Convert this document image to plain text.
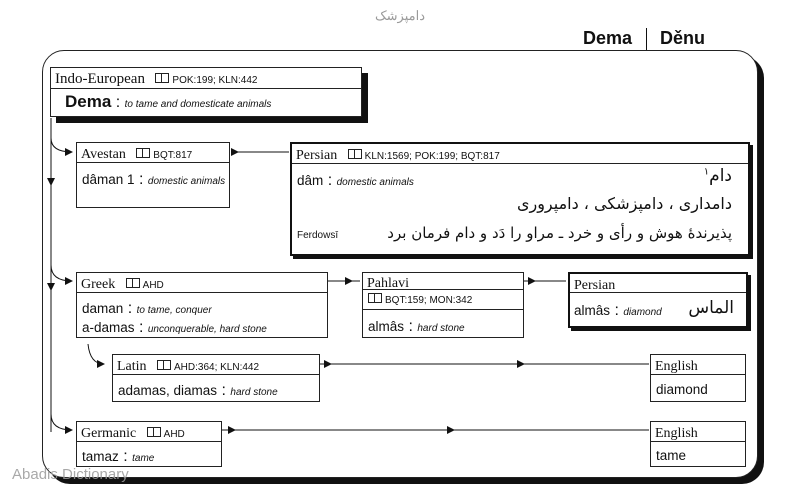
دامپزشک
Dema Děnu
Indo-European	POK:199; KLN:442
Dema : to tame and domesticate animals
Avestan	BQT:817
dâman 1 : domestic animals
Persian	KLN:1569; POK:199; BQT:817
dâm : domestic animals	دام$^١$
دامداری ، دامپزشکی ، دامپروری
Ferdowsī	پذیرندهٔ هوش و رأی و خرد ـ مراو را دَد و دام فرمان برد
Greek	AHD
daman : to tame, conquer
a-damas : unconquerable, hard stone
Pahlavi
BQT:159; MON:342
almâs : hard stone
Persian
almâs : diamond الماس
Latin	AHD:364; KLN:442
adamas, diamas : hard stone
English
diamond
Germanic	AHD
tamaz : tame
English
tame
Abadis Dictionary
